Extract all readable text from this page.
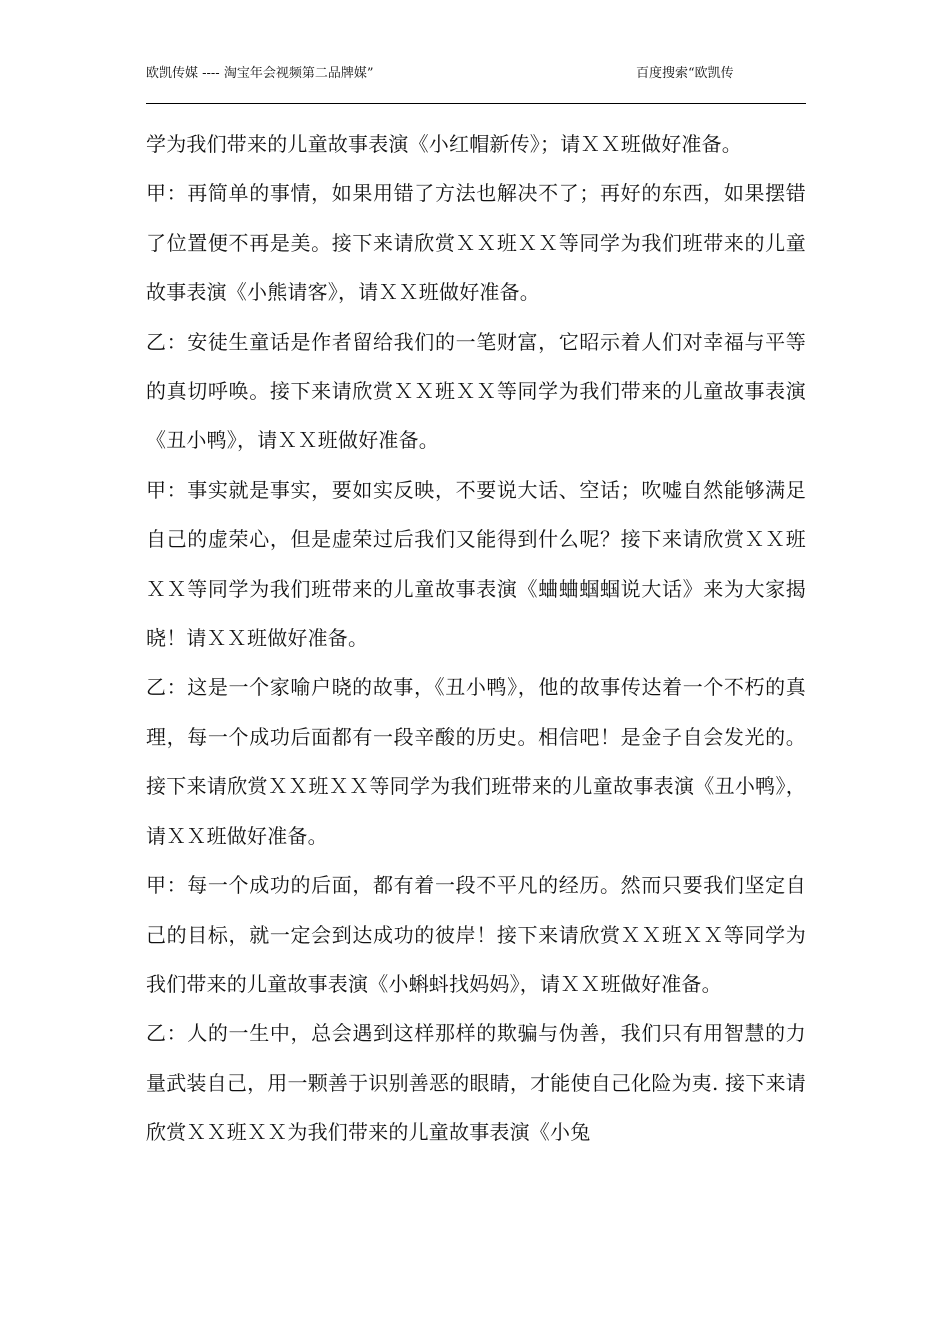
欧凯传媒 ---- 淘宝年会视频第二品牌媒”	百度搜索“欧凯传

学为我们带来的儿童故事表演《小红帽新传》；请ＸＸ班做好准备。

甲：再简单的事情，如果用错了方法也解决不了；再好的东西，如果摆错了位置便不再是美。接下来请欣赏ＸＸ班ＸＸ等同学为我们班带来的儿童故事表演《小熊请客》，请ＸＸ班做好准备。

乙：安徒生童话是作者留给我们的一笔财富，它昭示着人们对幸福与平等的真切呼唤。接下来请欣赏ＸＸ班ＸＸ等同学为我们带来的儿童故事表演《丑小鸭》，请ＸＸ班做好准备。

甲：事实就是事实，要如实反映，不要说大话、空话；吹嘘自然能够满足自己的虚荣心，但是虚荣过后我们又能得到什么呢？接下来请欣赏ＸＸ班ＸＸ等同学为我们班带来的儿童故事表演《蛐蛐蝈蝈说大话》来为大家揭晓！请ＸＸ班做好准备。

乙：这是一个家喻户晓的故事，《丑小鸭》，他的故事传达着一个不朽的真理，每一个成功后面都有一段辛酸的历史。相信吧！是金子自会发光的。接下来请欣赏ＸＸ班ＸＸ等同学为我们班带来的儿童故事表演《丑小鸭》，请ＸＸ班做好准备。

甲：每一个成功的后面，都有着一段不平凡的经历。然而只要我们坚定自己的目标，就一定会到达成功的彼岸！接下来请欣赏ＸＸ班ＸＸ等同学为我们带来的儿童故事表演《小蝌蚪找妈妈》，请ＸＸ班做好准备。

乙：人的一生中，总会遇到这样那样的欺骗与伪善，我们只有用智慧的力量武装自己，用一颗善于识别善恶的眼睛，才能使自己化险为夷. 接下来请欣赏ＸＸ班ＸＸ为我们带来的儿童故事表演《小兔
